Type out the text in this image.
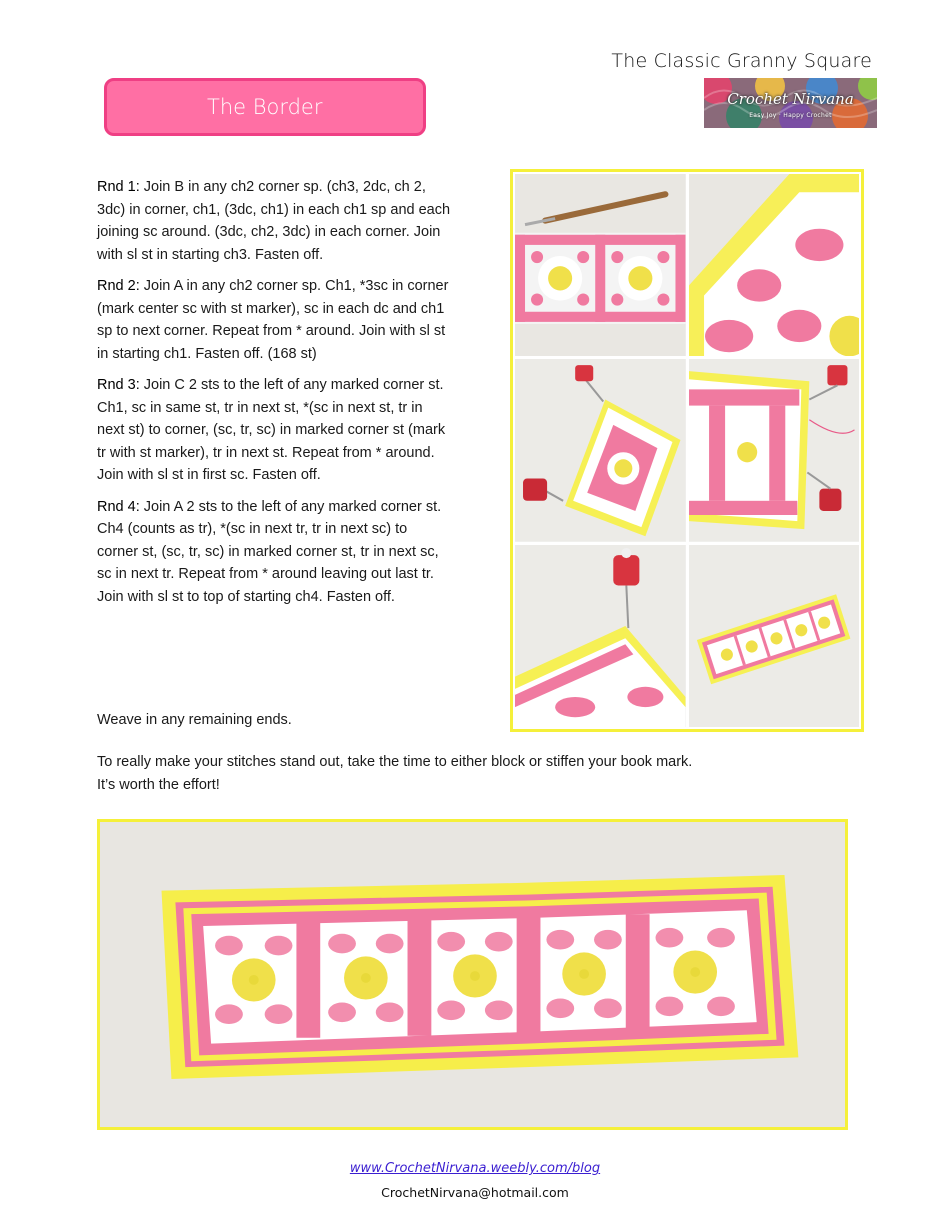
The Classic Granny Square
Crochet Nirvana
Easy Joy · Happy Crochet
The Border

Rnd 1: Join B in any ch2 corner sp. (ch3, 2dc, ch 2, 3dc) in corner, ch1, (3dc, ch1) in each ch1 sp and each joining sc around. (3dc, ch2, 3dc) in each corner. Join with sl st in starting ch3. Fasten off.

Rnd 2: Join A in any ch2 corner sp. Ch1, *3sc in corner (mark center sc with st marker), sc in each dc and ch1 sp to next corner. Repeat from * around. Join with sl st in starting ch1. Fasten off. (168 st)

Rnd 3: Join C 2 sts to the left of any marked corner st. Ch1, sc in same st, tr in next st, *(sc in next st, tr in next st) to corner, (sc, tr, sc) in marked corner st (mark tr with st marker), tr in next st. Repeat from * around. Join with sl st in first sc. Fasten off.

Rnd 4: Join A 2 sts to the left of any marked corner st. Ch4 (counts as tr), *(sc in next tr, tr in next sc) to corner st, (sc, tr, sc) in marked corner st, tr in next sc, sc in next tr. Repeat from * around leaving out last tr. Join with sl st to top of starting ch4. Fasten off.

Weave in any remaining ends.
To really make your stitches stand out, take the time to either block or stiffen your book mark.
It’s worth the effort!
www.CrochetNirvana.weebly.com/blog
CrochetNirvana@hotmail.com
